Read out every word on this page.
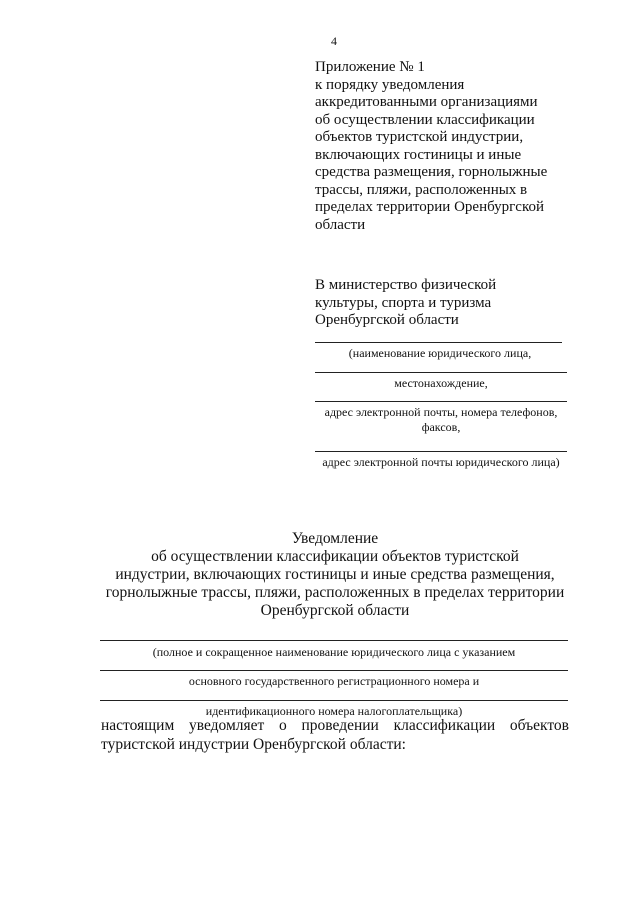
4
Приложение № 1
к порядку уведомления
аккредитованными организациями
об осуществлении классификации
объектов туристской индустрии,
включающих гостиницы и иные
средства размещения, горнолыжные
трассы, пляжи, расположенных в
пределах территории Оренбургской
области
В министерство физической
культуры, спорта и туризма
Оренбургской области
(наименование юридического лица,
местонахождение,
адрес электронной почты, номера телефонов,
факсов,
адрес электронной почты юридического лица)
Уведомление
об осуществлении классификации объектов туристской
индустрии, включающих гостиницы и иные средства размещения,
горнолыжные трассы, пляжи, расположенных в пределах территории
Оренбургской области
(полное и сокращенное наименование юридического лица с указанием
основного государственного регистрационного номера и
идентификационного номера налогоплательщика)
настоящим уведомляет о проведении классификации объектов
туристской индустрии Оренбургской области:
